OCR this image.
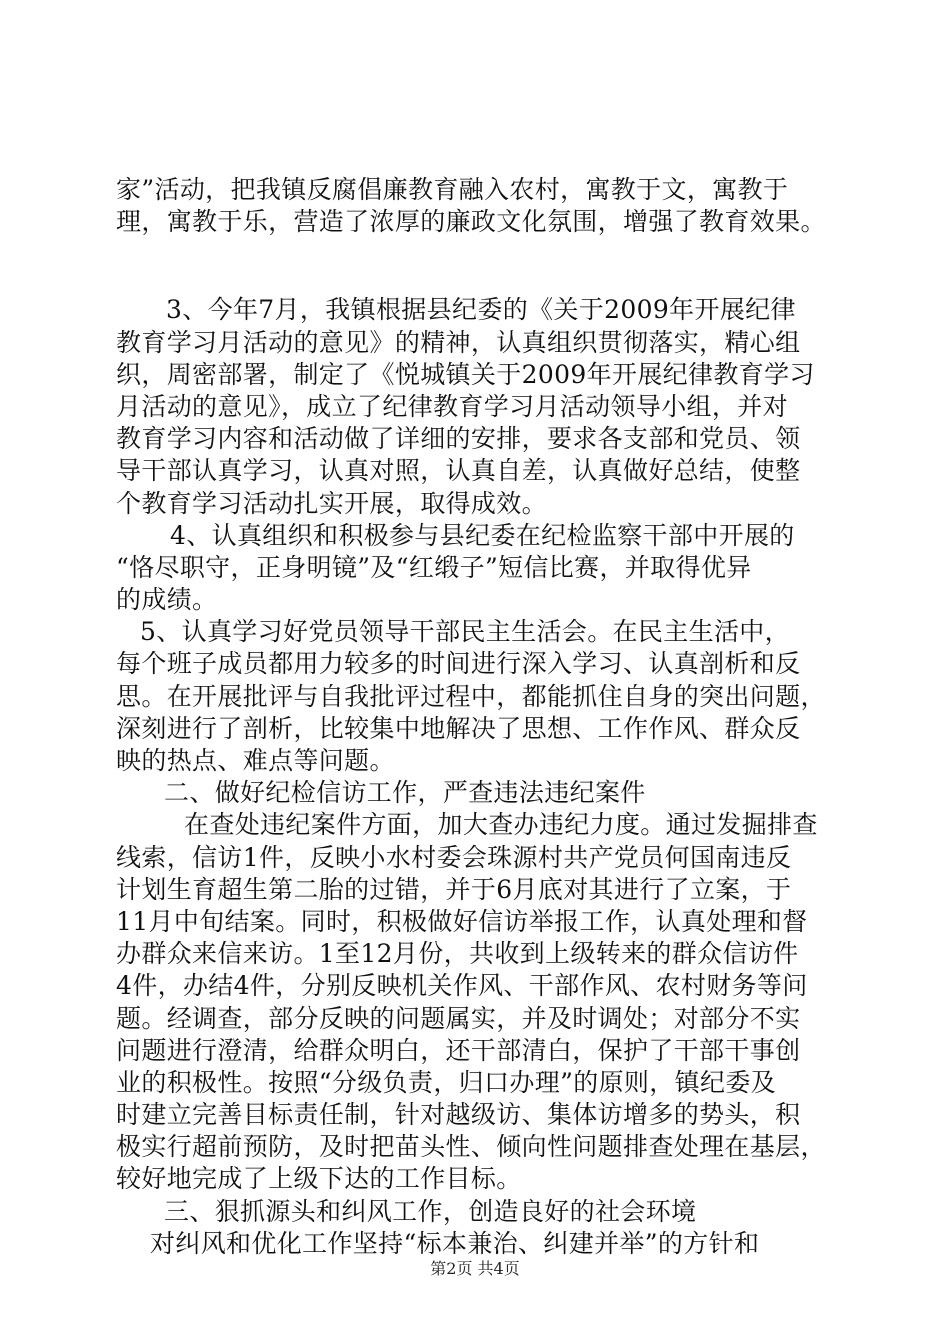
家”活动，把我镇反腐倡廉教育融入农村，寓教于文，寓教于
理，寓教于乐，营造了浓厚的廉政文化氛围，增强了教育效果。
3、今年7月，我镇根据县纪委的《关于2009年开展纪律
教育学习月活动的意见》的精神，认真组织贯彻落实，精心组
织，周密部署，制定了《悦城镇关于2009年开展纪律教育学习
月活动的意见》，成立了纪律教育学习月活动领导小组，并对
教育学习内容和活动做了详细的安排，要求各支部和党员、领
导干部认真学习，认真对照，认真自差，认真做好总结，使整
个教育学习活动扎实开展，取得成效。
4、认真组织和积极参与县纪委在纪检监察干部中开展的
“恪尽职守，正身明镜”及“红缎子”短信比赛，并取得优异
的成绩。
5、认真学习好党员领导干部民主生活会。在民主生活中，
每个班子成员都用力较多的时间进行深入学习、认真剖析和反
思。在开展批评与自我批评过程中，都能抓住自身的突出问题，
深刻进行了剖析，比较集中地解决了思想、工作作风、群众反
映的热点、难点等问题。
二、做好纪检信访工作，严查违法违纪案件
在查处违纪案件方面，加大查办违纪力度。通过发掘排查
线索，信访1件，反映小水村委会珠源村共产党员何国南违反
计划生育超生第二胎的过错，并于6月底对其进行了立案，于
11月中旬结案。同时，积极做好信访举报工作，认真处理和督
办群众来信来访。1至12月份，共收到上级转来的群众信访件
4件，办结4件，分别反映机关作风、干部作风、农村财务等问
题。经调查，部分反映的问题属实，并及时调处；对部分不实
问题进行澄清，给群众明白，还干部清白，保护了干部干事创
业的积极性。按照“分级负责，归口办理”的原则，镇纪委及
时建立完善目标责任制，针对越级访、集体访增多的势头，积
极实行超前预防，及时把苗头性、倾向性问题排查处理在基层，
较好地完成了上级下达的工作目标。
三、狠抓源头和纠风工作，创造良好的社会环境
对纠风和优化工作坚持“标本兼治、纠建并举”的方针和
第2页 共4页
